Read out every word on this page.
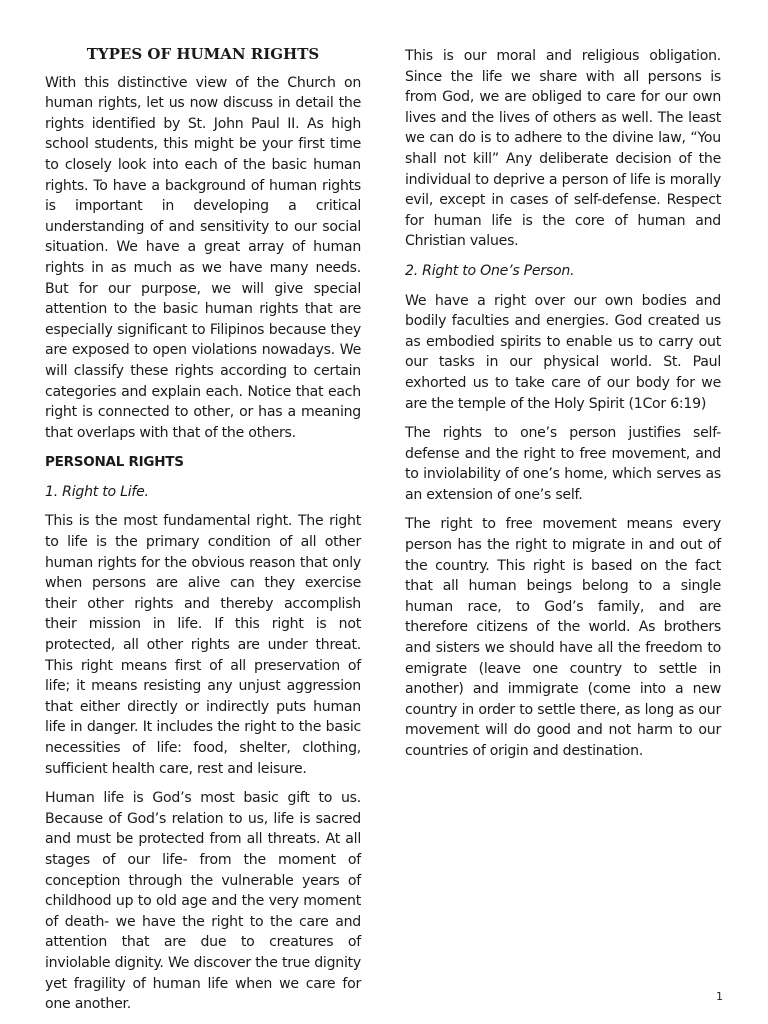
TYPES OF HUMAN RIGHTS

With this distinctive view of the Church on human rights, let us now discuss in detail the rights identified by St. John Paul II. As high school students, this might be your first time to closely look into each of the basic human rights. To have a background of human rights is important in developing a critical understanding of and sensitivity to our social situation. We have a great array of human rights in as much as we have many needs. But for our purpose, we will give special attention to the basic human rights that are especially significant to Filipinos because they are exposed to open violations nowadays. We will classify these rights according to certain categories and explain each. Notice that each right is connected to other, or has a meaning that overlaps with that of the others.

PERSONAL RIGHTS
1. Right to Life.

This is the most fundamental right. The right to life is the primary condition of all other human rights for the obvious reason that only when persons are alive can they exercise their other rights and thereby accomplish their mission in life. If this right is not protected, all other rights are under threat. This right means first of all preservation of life; it means resisting any unjust aggression that either directly or indirectly puts human life in danger. It includes the right to the basic necessities of life: food, shelter, clothing, sufficient health care, rest and leisure.

Human life is God’s most basic gift to us. Because of God’s relation to us, life is sacred and must be protected from all threats. At all stages of our life- from the moment of conception through the vulnerable years of childhood up to old age and the very moment of death- we have the right to the care and attention that are due to creatures of inviolable dignity. We discover the true dignity yet fragility of human life when we care for one another.

This is our moral and religious obligation. Since the life we share with all persons is from God, we are obliged to care for our own lives and the lives of others as well. The least we can do is to adhere to the divine law, “You shall not kill” Any deliberate decision of the individual to deprive a person of life is morally evil, except in cases of self-defense. Respect for human life is the core of human and Christian values.

2. Right to One’s Person.

We have a right over our own bodies and bodily faculties and energies. God created us as embodied spirits to enable us to carry out our tasks in our physical world. St. Paul exhorted us to take care of our body for we are the temple of the Holy Spirit (1Cor 6:19)

The rights to one’s person justifies self-defense and the right to free movement, and to inviolability of one’s home, which serves as an extension of one’s self.

The right to free movement means every person has the right to migrate in and out of the country. This right is based on the fact that all human beings belong to a single human race, to God’s family, and are therefore citizens of the world. As brothers and sisters we should have all the freedom to emigrate (leave one country to settle in another) and immigrate (come into a new country in order to settle there, as long as our movement will do good and not harm to our countries of origin and destination.

1
